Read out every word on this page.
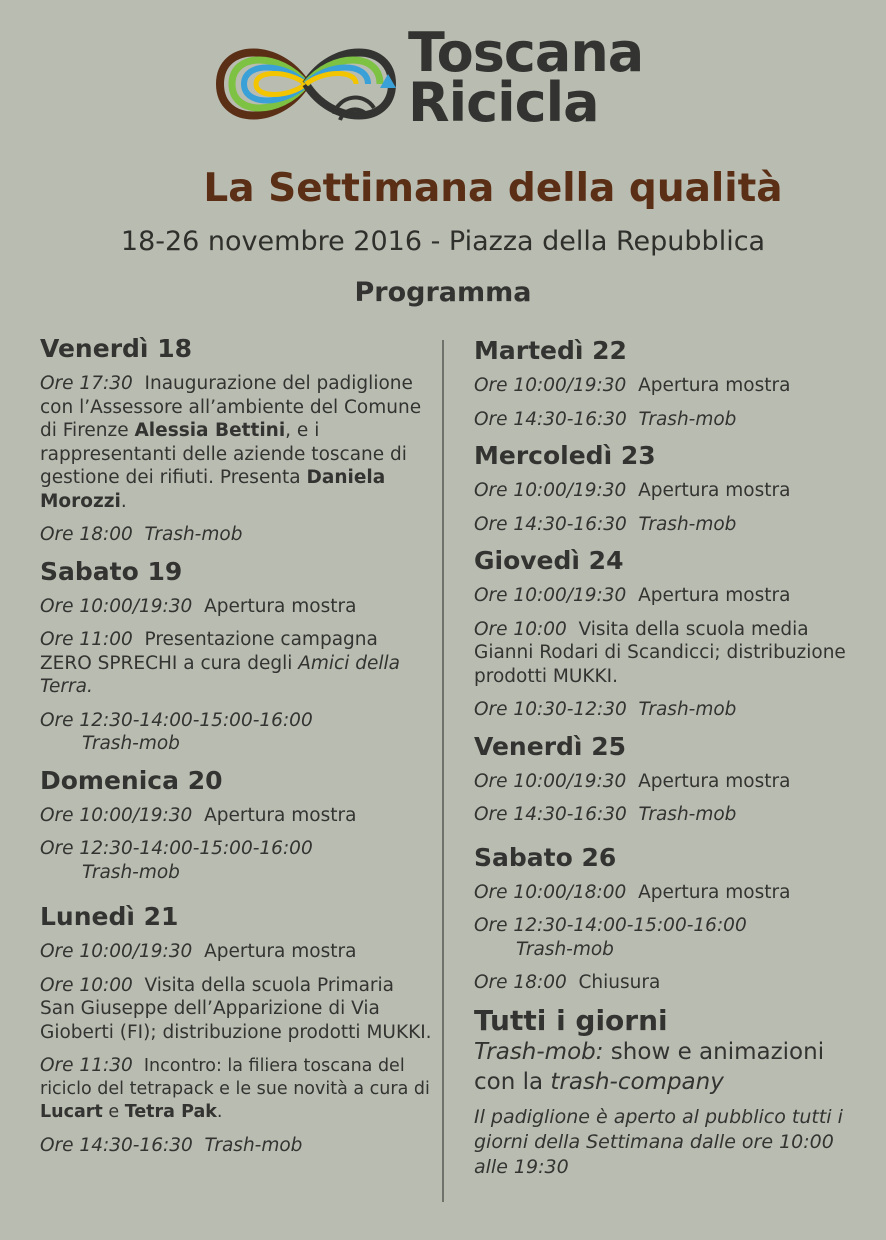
Toscana
Ricicla
La Settimana della qualità
18-26 novembre 2016 - Piazza della Repubblica
Programma
Venerdì 18
Ore 17:30 Inaugurazione del padiglione con l’Assessore all’ambiente del Comune di Firenze Alessia Bettini, e i rappresentanti delle aziende toscane di gestione dei rifiuti. Presenta Daniela Morozzi.
Ore 18:00 Trash-mob
Sabato 19
Ore 10:00/19:30 Apertura mostra
Ore 11:00 Presentazione campagna ZERO SPRECHI a cura degli Amici della Terra.
Ore 12:30-14:00-15:00-16:00
Trash-mob
Domenica 20
Ore 10:00/19:30 Apertura mostra
Ore 12:30-14:00-15:00-16:00
Trash-mob
Lunedì 21
Ore 10:00/19:30 Apertura mostra
Ore 10:00 Visita della scuola Primaria San Giuseppe dell’Apparizione di Via Gioberti (FI); distribuzione prodotti MUKKI.
Ore 11:30 Incontro: la filiera toscana del riciclo del tetrapack e le sue novità a cura di Lucart e Tetra Pak.
Ore 14:30-16:30 Trash-mob
Martedì 22
Ore 10:00/19:30 Apertura mostra
Ore 14:30-16:30 Trash-mob
Mercoledì 23
Ore 10:00/19:30 Apertura mostra
Ore 14:30-16:30 Trash-mob
Giovedì 24
Ore 10:00/19:30 Apertura mostra
Ore 10:00 Visita della scuola media Gianni Rodari di Scandicci; distribuzione prodotti MUKKI.
Ore 10:30-12:30 Trash-mob
Venerdì 25
Ore 10:00/19:30 Apertura mostra
Ore 14:30-16:30 Trash-mob
Sabato 26
Ore 10:00/18:00 Apertura mostra
Ore 12:30-14:00-15:00-16:00
Trash-mob
Ore 18:00 Chiusura
Tutti i giorni
Trash-mob: show e animazioni con la trash-company
Il padiglione è aperto al pubblico tutti i giorni della Settimana dalle ore 10:00 alle 19:30
